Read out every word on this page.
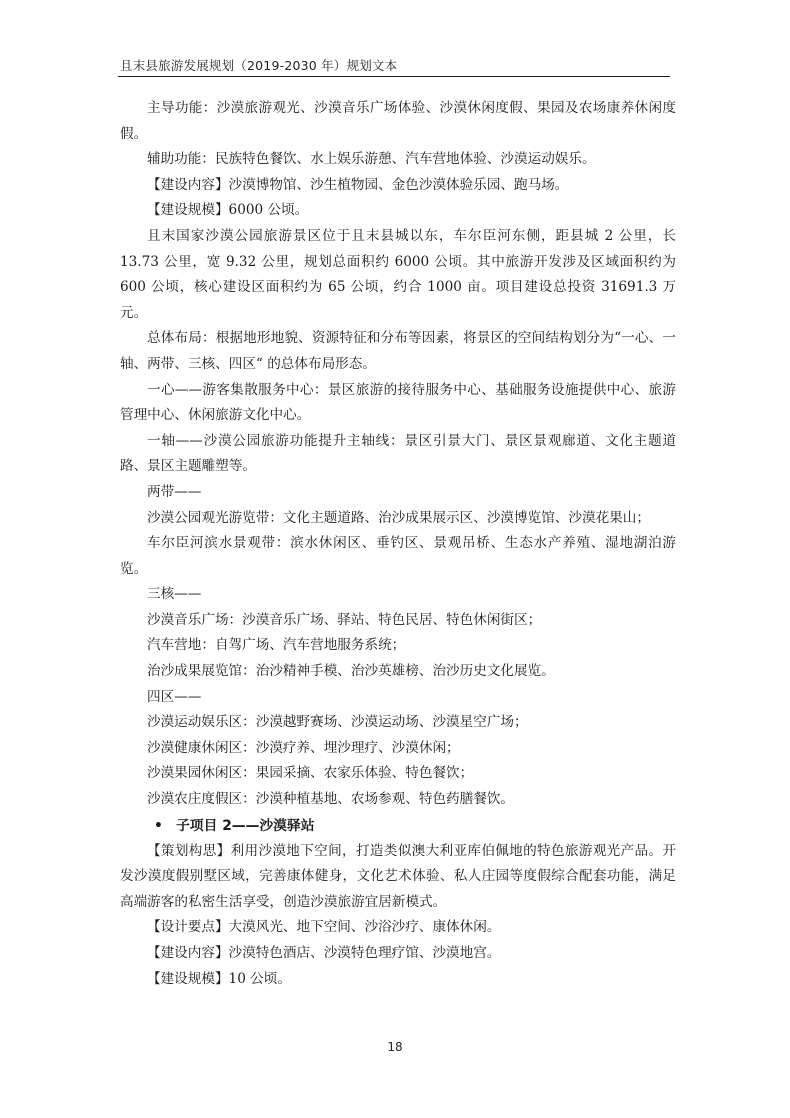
且末县旅游发展规划（2019-2030 年）规划文本

主导功能：沙漠旅游观光、沙漠音乐广场体验、沙漠休闲度假、果园及农场康养休闲度假。

辅助功能：民族特色餐饮、水上娱乐游憩、汽车营地体验、沙漠运动娱乐。

【建设内容】沙漠博物馆、沙生植物园、金色沙漠体验乐园、跑马场。

【建设规模】6000 公顷。

且末国家沙漠公园旅游景区位于且末县城以东，车尔臣河东侧，距县城 2 公里，长 13.73 公里，宽 9.32 公里，规划总面积约 6000 公顷。其中旅游开发涉及区域面积约为 600 公顷，核心建设区面积约为 65 公顷，约合 1000 亩。项目建设总投资 31691.3 万元。

总体布局：根据地形地貌、资源特征和分布等因素，将景区的空间结构划分为“一心、一轴、两带、三核、四区“ 的总体布局形态。

一心——游客集散服务中心：景区旅游的接待服务中心、基础服务设施提供中心、旅游管理中心、休闲旅游文化中心。

一轴——沙漠公园旅游功能提升主轴线：景区引景大门、景区景观廊道、文化主题道路、景区主题雕塑等。

两带——

沙漠公园观光游览带：文化主题道路、治沙成果展示区、沙漠博览馆、沙漠花果山；

车尔臣河滨水景观带：滨水休闲区、垂钓区、景观吊桥、生态水产养殖、湿地湖泊游览。

三核——

沙漠音乐广场：沙漠音乐广场、驿站、特色民居、特色休闲街区；

汽车营地：自驾广场、汽车营地服务系统；

治沙成果展览馆：治沙精神手模、治沙英雄榜、治沙历史文化展览。

四区——

沙漠运动娱乐区：沙漠越野赛场、沙漠运动场、沙漠星空广场；

沙漠健康休闲区：沙漠疗养、埋沙理疗、沙漠休闲；

沙漠果园休闲区：果园采摘、农家乐体验、特色餐饮；

沙漠农庄度假区：沙漠种植基地、农场参观、特色药膳餐饮。

• 子项目 2——沙漠驿站

【策划构思】利用沙漠地下空间，打造类似澳大利亚库伯佩地的特色旅游观光产品。开发沙漠度假别墅区域，完善康体健身，文化艺术体验、私人庄园等度假综合配套功能，满足高端游客的私密生活享受，创造沙漠旅游宜居新模式。

【设计要点】大漠风光、地下空间、沙浴沙疗、康体休闲。

【建设内容】沙漠特色酒店、沙漠特色理疗馆、沙漠地宫。

【建设规模】10 公顷。

18
